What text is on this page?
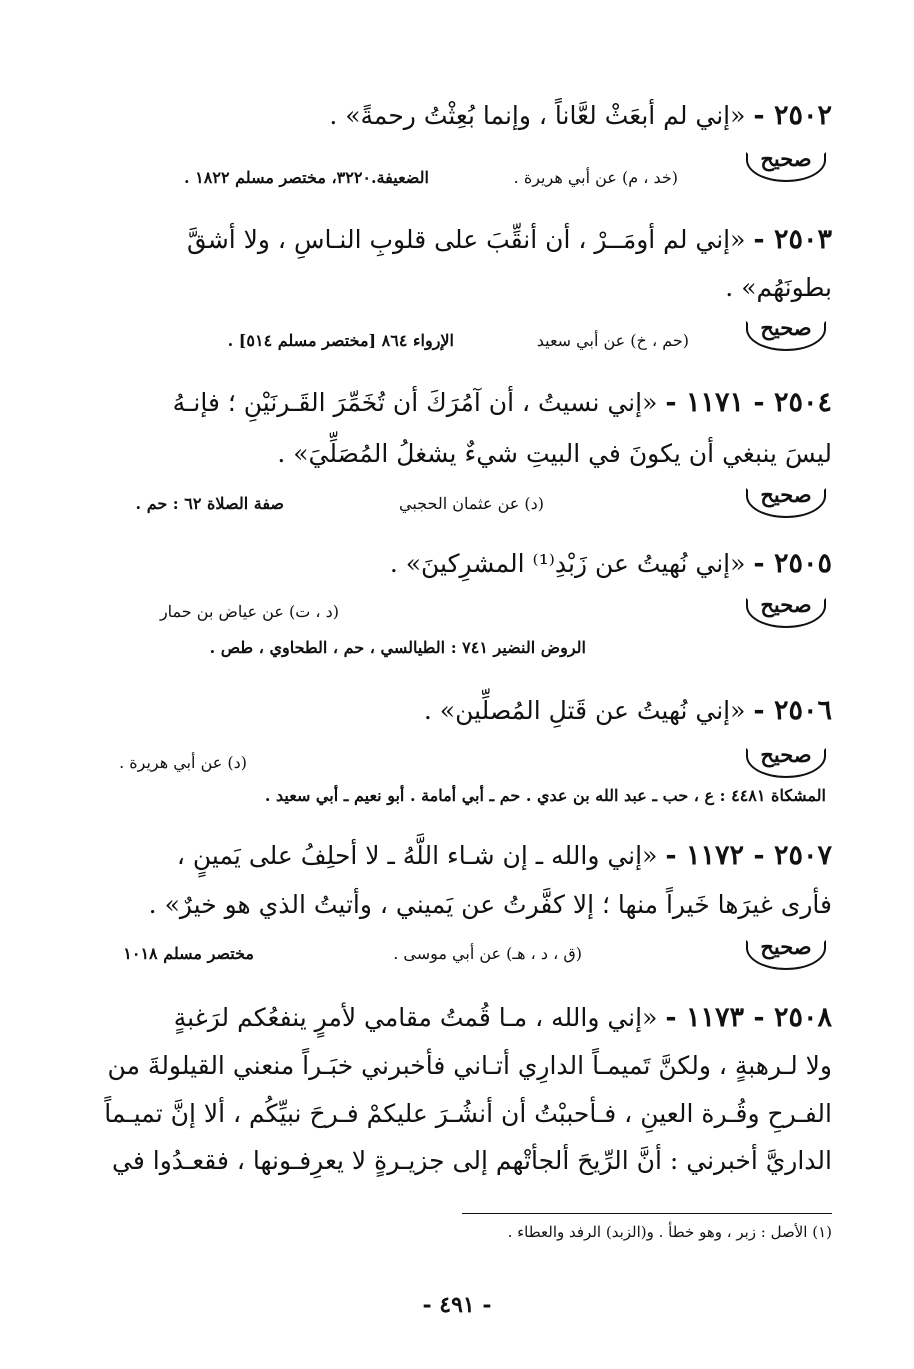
٢٥٠٢ - «إني لم أبعَثْ لعَّاناً ، وإنما بُعِثْتُ رحمةً» .
صحيح
(خد ، م) عن أبي هريرة .
الضعيفة.٣٢٢٠، مختصر مسلم ١٨٢٢ .
٢٥٠٣ - «إني لم أومَــرْ ، أن أنقِّبَ على قلوبِ النـاسِ ، ولا أشقَّ
بطونَهُم» .
صحيح
(حم ، خ) عن أبي سعيد
الإرواء ٨٦٤ [مختصر مسلم ٥١٤] .
٢٥٠٤ - ١١٧١ - «إني نسيتُ ، أن آمُرَكَ أن تُخَمِّرَ القَـرنَيْنِ ؛ فإنـهُ
ليسَ ينبغي أن يكونَ في البيتِ شيءٌ يشغلُ المُصَلِّيَ» .
صحيح
(د) عن عثمان الحجبي
صفة الصلاة ٦٢ : حم .
٢٥٠٥ - «إني نُهيتُ عن زَبْدِ⁽¹⁾ المشرِكينَ» .
صحيح
(د ، ت) عن عياض بن حمار
الروض النضير ٧٤١ : الطيالسي ، حم ، الطحاوي ، طص .
٢٥٠٦ - «إني نُهيتُ عن قَتلِ المُصلِّين» .
صحيح
(د) عن أبي هريرة .
المشكاة ٤٤٨١ : ع ، حب ـ عبد الله بن عدي . حم ـ أبي أمامة . أبو نعيم ـ أبي سعيد .
٢٥٠٧ - ١١٧٢ - «إني والله ـ إن شـاء اللَّهُ ـ لا أحلِفُ على يَمينٍ ،
فأرى غيرَها خَيراً منها ؛ إلا كفَّرتُ عن يَميني ، وأتيتُ الذي هو خيرٌ» .
صحيح
(ق ، د ، هـ) عن أبي موسى .
مختصر مسلم ١٠١٨
٢٥٠٨ - ١١٧٣ - «إني والله ، مـا قُمتُ مقامي لأمرٍ ينفعُكم لرَغبةٍ
ولا لـرهبةٍ ، ولكنَّ تَميمـاً الدارِي أتـاني فأخبرني خبَـراً منعني القيلولةَ من
الفـرحِ وقُـرة العينِ ، فـأحببْتُ أن أنشُـرَ عليكمْ فـرحَ نبيِّكُم ، ألا إنَّ تميـماً
الداريَّ أخبرني : أنَّ الرِّيحَ ألجأتْهم إلى جزيـرةٍ لا يعرِفـونها ، فقعـدُوا في
(١) الأصل : زبر ، وهو خطأ . و(الزبد) الرفد والعطاء .
- ٤٩١ -
